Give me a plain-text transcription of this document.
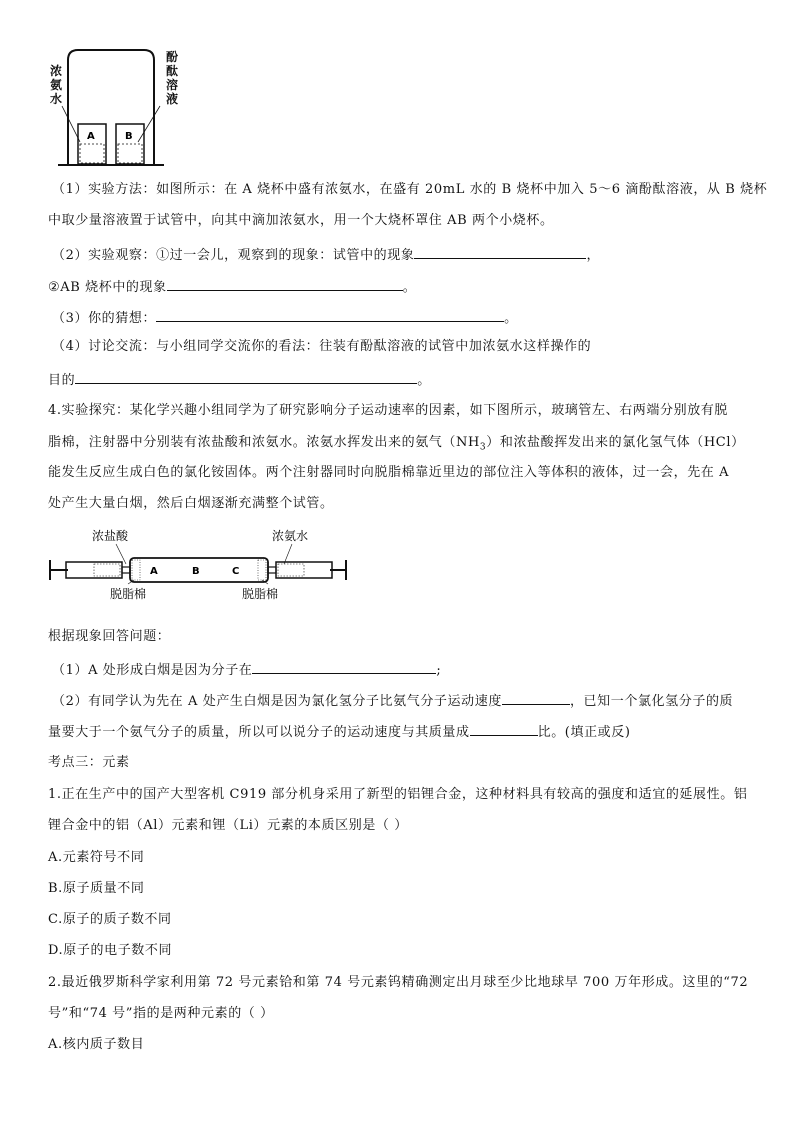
A	B
浓氨水
酚酞溶液
（1）实验方法：如图所示：在 A 烧杯中盛有浓氨水，在盛有 20mL 水的 B 烧杯中加入 5～6 滴酚酞溶液，从 B 烧杯
中取少量溶液置于试管中，向其中滴加浓氨水，用一个大烧杯罩住 AB 两个小烧杯。
（2）实验观察：①过一会儿，观察到的现象：试管中的现象	，
②AB 烧杯中的现象	。
（3）你的猜想：	。
（4）讨论交流：与小组同学交流你的看法：往装有酚酞溶液的试管中加浓氨水这样操作的
目的	。
4.实验探究：某化学兴趣小组同学为了研究影响分子运动速率的因素，如下图所示，玻璃管左、右两端分别放有脱
脂棉，注射器中分别装有浓盐酸和浓氨水。浓氨水挥发出来的氨气$(NH_3)$和浓盐酸挥发出来的氯化氢气体（HCl）
能发生反应生成白色的氯化铵固体。两个注射器同时向脱脂棉靠近里边的部位注入等体积的液体，过一会，先在 A
处产生大量白烟，然后白烟逐渐充满整个试管。
A	B	C
浓盐酸	浓氨水
脱脂棉	脱脂棉
根据现象回答问题：
（1）A 处形成白烟是因为分子在	;
（2）有同学认为先在 A 处产生白烟是因为氯化氢分子比氨气分子运动速度	，已知一个氯化氢分子的质
量要大于一个氨气分子的质量，所以可以说分子的运动速度与其质量成	比。(填正或反)
考点三：元素
1.正在生产中的国产大型客机 C919 部分机身采用了新型的铝锂合金，这种材料具有较高的强度和适宜的延展性。铝
锂合金中的铝（Al）元素和锂（Li）元素的本质区别是（ ）
A.元素符号不同
B.原子质量不同
C.原子的质子数不同
D.原子的电子数不同
2.最近俄罗斯科学家利用第 72 号元素铪和第 74 号元素钨精确测定出月球至少比地球早 700 万年形成。这里的“72
号”和“74 号”指的是两种元素的（ ）
A.核内质子数目
